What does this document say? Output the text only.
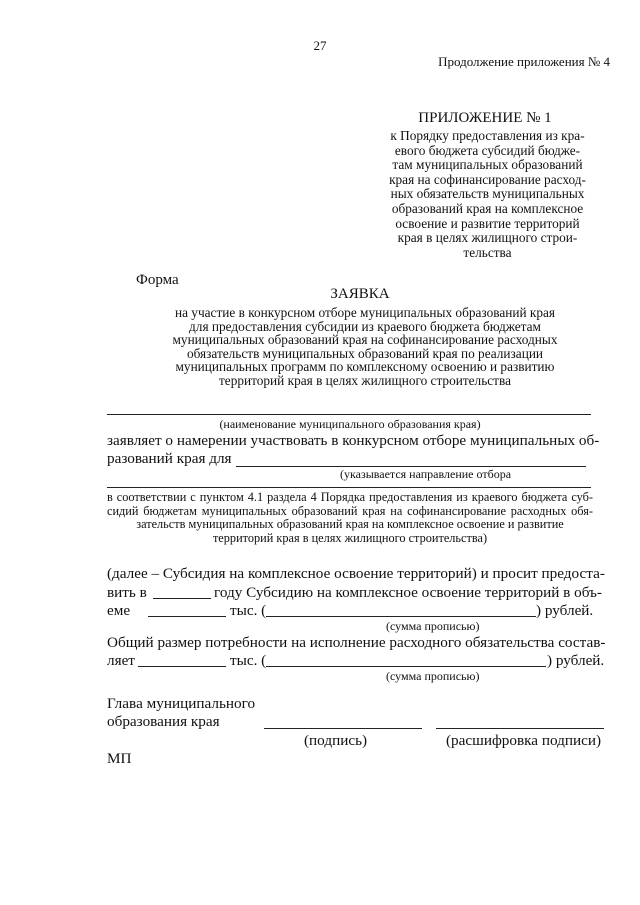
27
Продолжение приложения № 4
ПРИЛОЖЕНИЕ № 1
к Порядку предоставления из кра-
евого бюджета субсидий бюдже-
там муниципальных образований
края на софинансирование расход-
ных обязательств муниципальных
образований края на комплексное
освоение и развитие территорий
края в целях жилищного строи-
тельства
Форма
ЗАЯВКА
на участие в конкурсном отборе муниципальных образований края
для предоставления субсидии из краевого бюджета бюджетам
муниципальных образований края на софинансирование расходных
обязательств муниципальных образований края по реализации
муниципальных программ по комплексному освоению и развитию
территорий края в целях жилищного строительства
(наименование муниципального образования края)
заявляет о намерении участвовать в конкурсном отборе муниципальных об-
разований края для
(указывается направление отбора
в соответствии с пунктом 4.1 раздела 4 Порядка предоставления из краевого бюджета суб-
сидий бюджетам муниципальных образований края на софинансирование расходных обя-
зательств муниципальных образований края на комплексное освоение и развитие
территорий края в целях жилищного строительства)
(далее – Субсидия на комплексное освоение территорий) и просит предоста-
вить в	году Субсидию на комплексное освоение территорий в объ-
еме	тыс. (	) рублей.
(сумма прописью)
Общий размер потребности на исполнение расходного обязательства состав-
ляет	тыс. (	) рублей.
(сумма прописью)
Главa муниципального
образования края
(подпись)	(расшифровка подписи)
МП
